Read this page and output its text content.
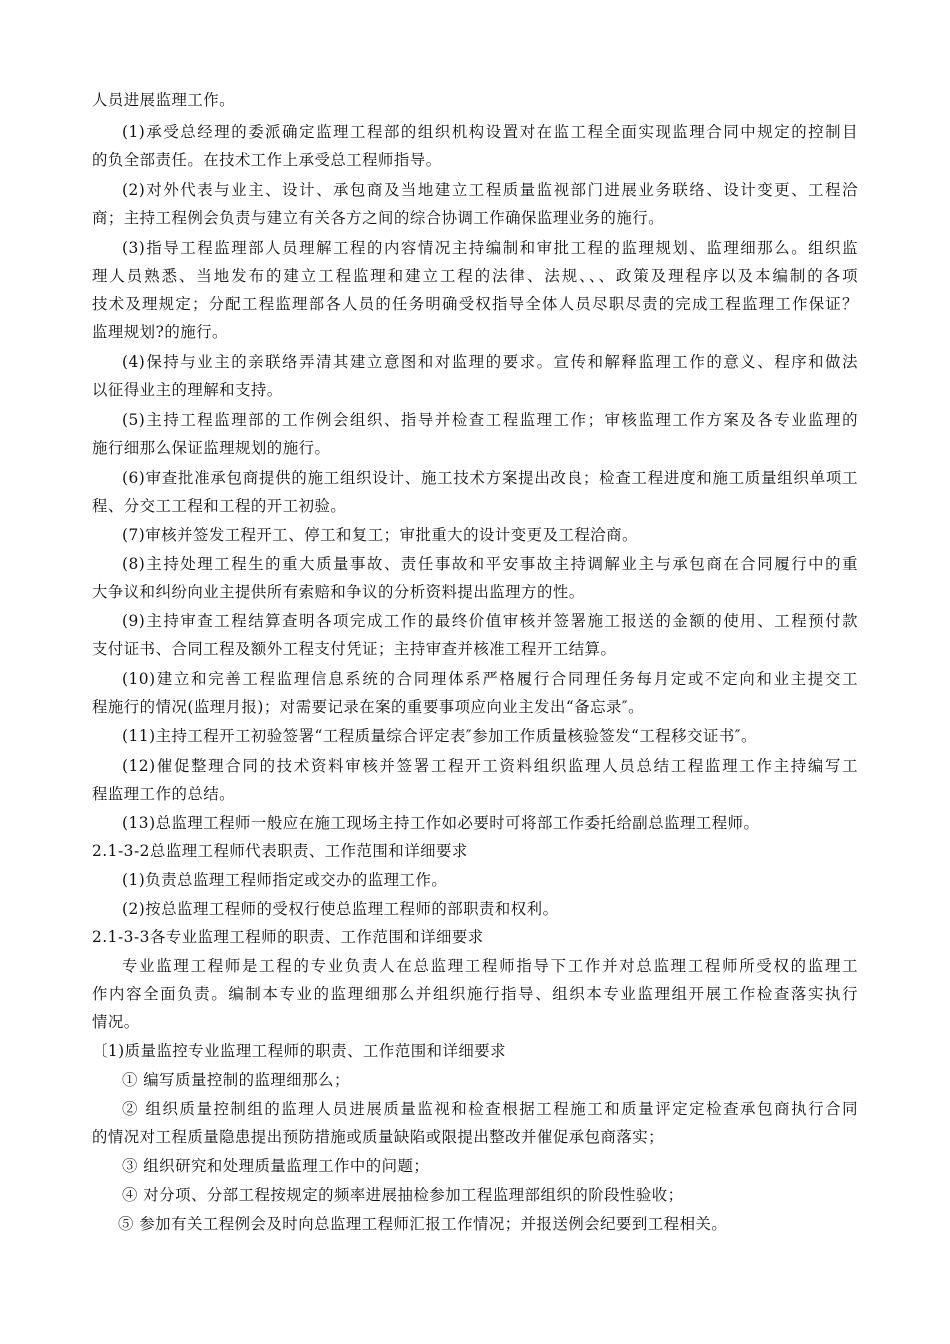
人员进展监理工作。
(1)承受总经理的委派确定监理工程部的组织机构设置对在监工程全面实现监理合同中规定的控制目
的负全部责任。在技术工作上承受总工程师指导。
(2)对外代表与业主、设计、承包商及当地建立工程质量监视部门进展业务联络、设计变更、工程洽
商；主持工程例会负责与建立有关各方之间的综合协调工作确保监理业务的施行。
(3)指导工程监理部人员理解工程的内容情况主持编制和审批工程的监理规划、监理细那么。组织监
理人员熟悉、当地发布的建立工程监理和建立工程的法律、法规、、、政策及理程序以及本编制的各项
技术及理规定；分配工程监理部各人员的任务明确受权指导全体人员尽职尽责的完成工程监理工作保证？
监理规划?的施行。
(4)保持与业主的亲联络弄清其建立意图和对监理的要求。宣传和解释监理工作的意义、程序和做法
以征得业主的理解和支持。
(5)主持工程监理部的工作例会组织、指导并检查工程监理工作；审核监理工作方案及各专业监理的
施行细那么保证监理规划的施行。
(6)审查批准承包商提供的施工组织设计、施工技术方案提出改良；检查工程进度和施工质量组织单项工
程、分交工工程和工程的开工初验。
(7)审核并签发工程开工、停工和复工；审批重大的设计变更及工程洽商。
(8)主持处理工程生的重大质量事故、责任事故和平安事故主持调解业主与承包商在合同履行中的重
大争议和纠纷向业主提供所有索赔和争议的分析资料提出监理方的性。
(9)主持审查工程结算查明各项完成工作的最终价值审核并签署施工报送的金额的使用、工程预付款
支付证书、合同工程及额外工程支付凭证；主持审查并核准工程开工结算。
(10)建立和完善工程监理信息系统的合同理体系严格履行合同理任务每月定或不定向和业主提交工
程施行的情况(监理月报)；对需要记录在案的重要事项应向业主发出“备忘录″。
(11)主持工程开工初验签署“工程质量综合评定表″参加工作质量核验签发“工程移交证书″。
(12)催促整理合同的技术资料审核并签署工程开工资料组织监理人员总结工程监理工作主持编写工
程监理工作的总结。
(13)总监理工程师一般应在施工现场主持工作如必要时可将部工作委托给副总监理工程师。
2.1-3-2总监理工程师代表职责、工作范围和详细要求
(1)负责总监理工程师指定或交办的监理工作。
(2)按总监理工程师的受权行使总监理工程师的部职责和权利。
2.1-3-3各专业监理工程师的职责、工作范围和详细要求
专业监理工程师是工程的专业负责人在总监理工程师指导下工作并对总监理工程师所受权的监理工
作内容全面负责。编制本专业的监理细那么并组织施行指导、组织本专业监理组开展工作检查落实执行
情况。
〔1)质量监控专业监理工程师的职责、工作范围和详细要求
① 编写质量控制的监理细那么；
② 组织质量控制组的监理人员进展质量监视和检查根据工程施工和质量评定定检查承包商执行合同
的情况对工程质量隐患提出预防措施或质量缺陷或限提出整改并催促承包商落实；
③ 组织研究和处理质量监理工作中的问题；
④ 对分项、分部工程按规定的频率进展抽检参加工程监理部组织的阶段性验收；
⑤ 参加有关工程例会及时向总监理工程师汇报工作情况；并报送例会纪要到工程相关。
